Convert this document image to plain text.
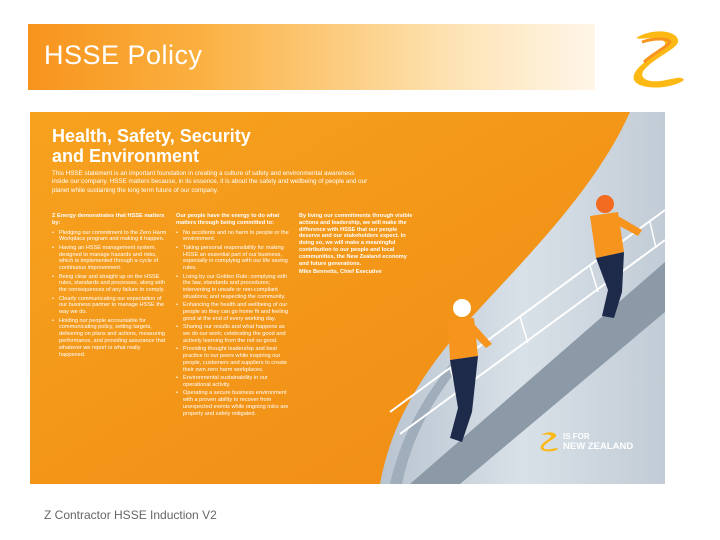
HSSE Policy
Health, Safety, Security
and Environment
This HSSE statement is an important foundation in creating a culture of safety and environmental awareness inside our company. HSSE matters because, in its essence, it is about the safety and wellbeing of people and our planet while sustaining the long term future of our company.
Z Energy demonstrates that HSSE matters by:
• Pledging our commitment to the Zero Harm Workplace program and making it happen.
• Having an HSSE management system, designed to manage hazards and risks, which is implemented through a cycle of continuous improvement.
• Being clear and straight up on the HSSE rules, standards and processes, along with the consequences of any failure to comply.
• Clearly communicating our expectation of our business partner to manage HSSE the way we do.
• Holding our people accountable for communicating policy, setting targets, delivering on plans and actions, measuring performance, and providing assurance that whatever we report is what really happened.
Our people have the energy to do what matters through being committed to:
• No accidents and no harm to people or the environment.
• Taking personal responsibility for making HSSE an essential part of our business, especially in complying with our life saving rules.
• Living by our Golden Rule: complying with the law, standards and procedures; intervening in unsafe or non-compliant situations; and respecting the community.
• Enhancing the health and wellbeing of our people so they can go home fit and feeling good at the end of every working day.
• Sharing our results and what happens as we do our work; celebrating the good and actively learning from the not so good.
• Providing thought leadership and best practice to our peers while inspiring our people, customers and suppliers to create their own zero harm workplaces.
• Environmental sustainability in our operational activity.
• Operating a secure business environment with a proven ability to recover from unexpected events while ongoing risks are properly and safely mitigated.
By living our commitments through visible actions and leadership, we will make the difference with HSSE that our people deserve and our stakeholders expect. In doing so, we will make a meaningful contribution to our people and local communities, the New Zealand economy and future generations.
Mike Bennetts, Chief Executive
IS FOR
NEW ZEALAND
Z Contractor HSSE Induction V2
